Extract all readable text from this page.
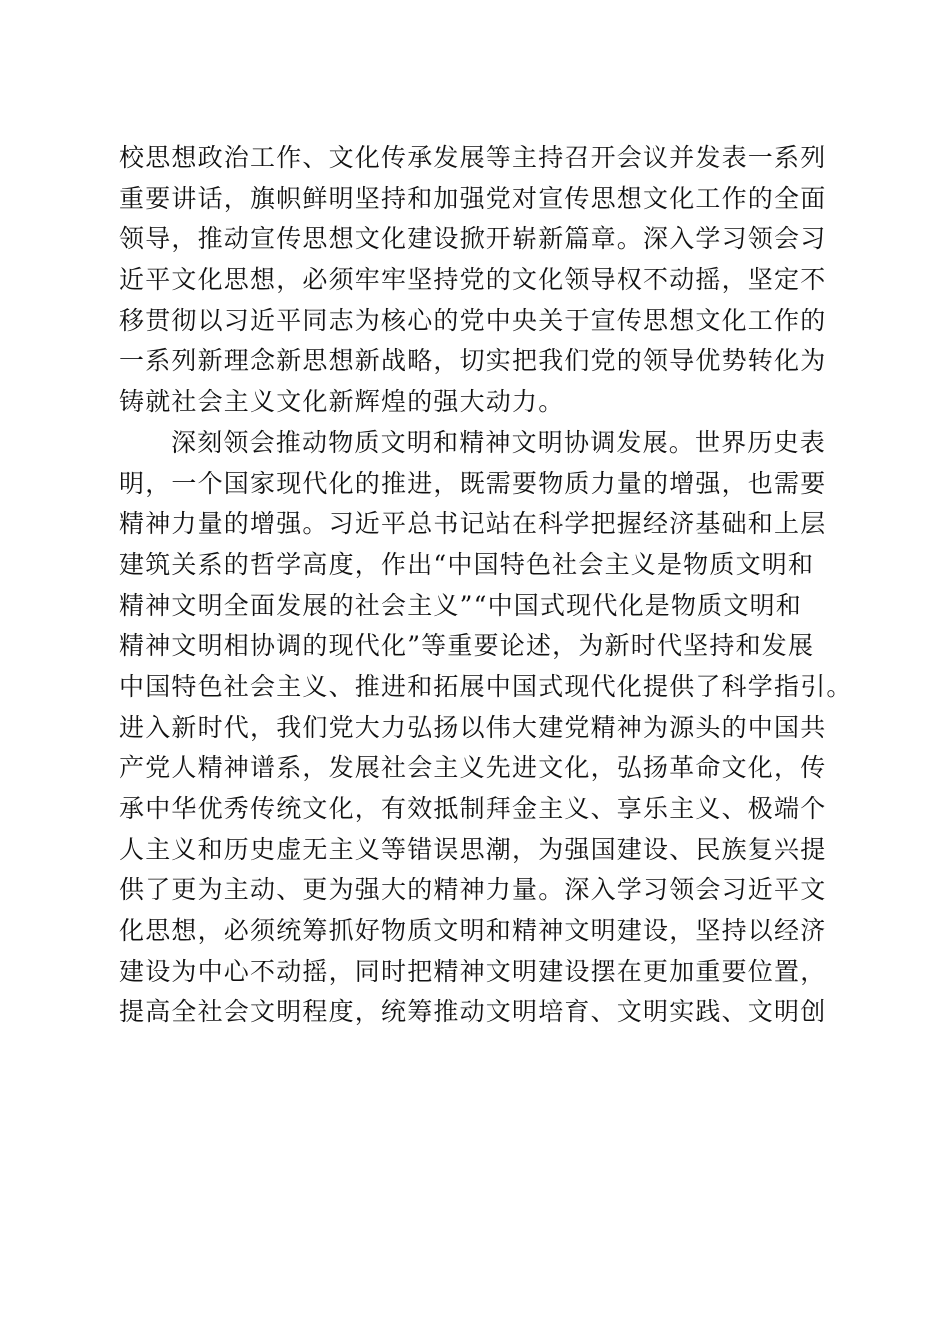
校思想政治工作、文化传承发展等主持召开会议并发表一系列
重要讲话，旗帜鲜明坚持和加强党对宣传思想文化工作的全面
领导，推动宣传思想文化建设掀开崭新篇章。深入学习领会习
近平文化思想，必须牢牢坚持党的文化领导权不动摇，坚定不
移贯彻以习近平同志为核心的党中央关于宣传思想文化工作的
一系列新理念新思想新战略，切实把我们党的领导优势转化为
铸就社会主义文化新辉煌的强大动力。
深刻领会推动物质文明和精神文明协调发展。世界历史表
明，一个国家现代化的推进，既需要物质力量的增强，也需要
精神力量的增强。习近平总书记站在科学把握经济基础和上层
建筑关系的哲学高度，作出“中国特色社会主义是物质文明和
精神文明全面发展的社会主义”“中国式现代化是物质文明和
精神文明相协调的现代化”等重要论述，为新时代坚持和发展
中国特色社会主义、推进和拓展中国式现代化提供了科学指引。
进入新时代，我们党大力弘扬以伟大建党精神为源头的中国共
产党人精神谱系，发展社会主义先进文化，弘扬革命文化，传
承中华优秀传统文化，有效抵制拜金主义、享乐主义、极端个
人主义和历史虚无主义等错误思潮，为强国建设、民族复兴提
供了更为主动、更为强大的精神力量。深入学习领会习近平文
化思想，必须统筹抓好物质文明和精神文明建设，坚持以经济
建设为中心不动摇，同时把精神文明建设摆在更加重要位置，
提高全社会文明程度，统筹推动文明培育、文明实践、文明创
